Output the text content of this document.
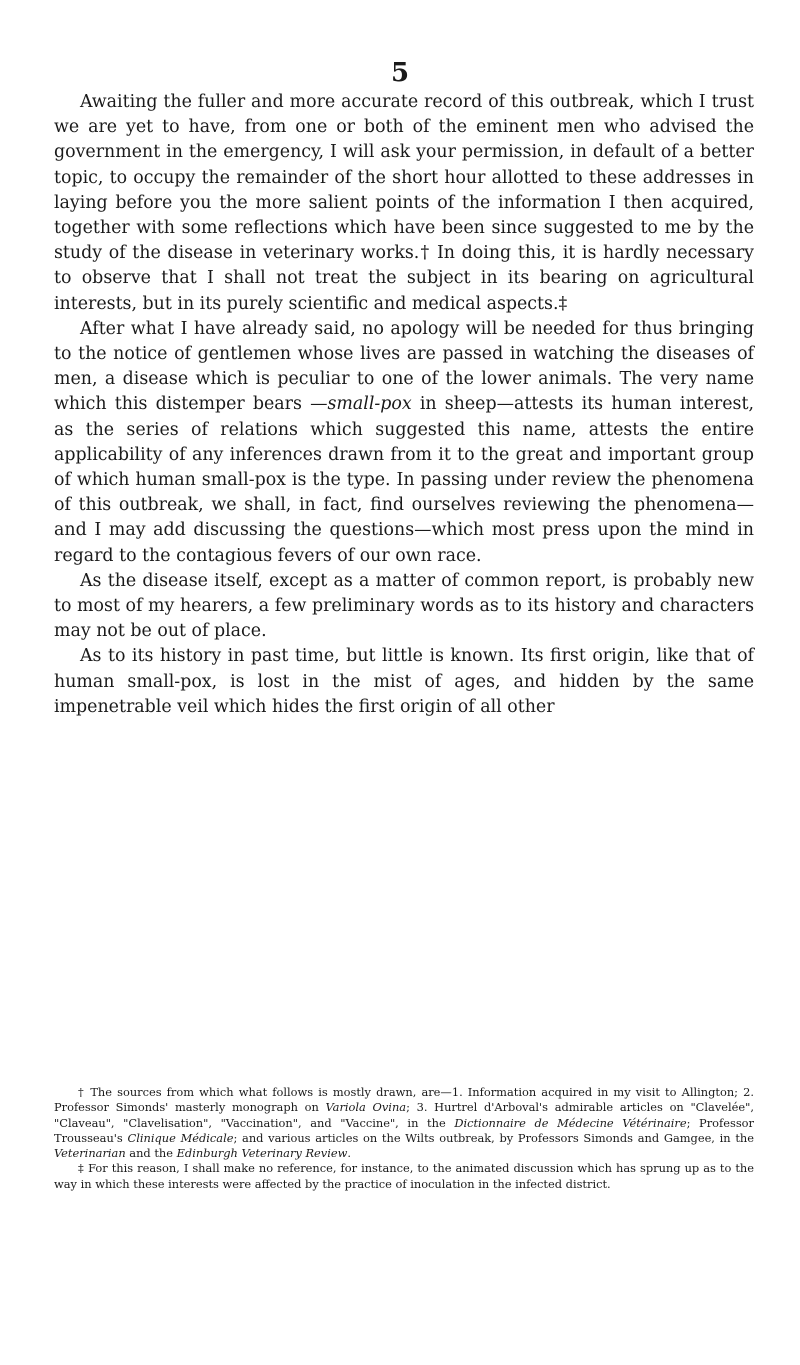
5

Awaiting the fuller and more accurate record of this outbreak, which I trust we are yet to have, from one or both of the eminent men who advised the government in the emergency, I will ask your permission, in default of a better topic, to occupy the remainder of the short hour allotted to these addresses in laying before you the more salient points of the information I then acquired, together with some reflections which have been since suggested to me by the study of the disease in veterinary works.† In doing this, it is hardly necessary to observe that I shall not treat the subject in its bearing on agricultural interests, but in its purely scientific and medical aspects.‡

After what I have already said, no apology will be needed for thus bringing to the notice of gentlemen whose lives are passed in watching the diseases of men, a disease which is peculiar to one of the lower animals. The very name which this distemper bears —small-pox in sheep—attests its human interest, as the series of relations which suggested this name, attests the entire applicability of any inferences drawn from it to the great and important group of which human small-pox is the type. In passing under review the phenomena of this outbreak, we shall, in fact, find ourselves reviewing the phenomena—and I may add discussing the questions—which most press upon the mind in regard to the contagious fevers of our own race.

As the disease itself, except as a matter of common report, is probably new to most of my hearers, a few preliminary words as to its history and characters may not be out of place.

As to its history in past time, but little is known. Its first origin, like that of human small-pox, is lost in the mist of ages, and hidden by the same impenetrable veil which hides the first origin of all other

† The sources from which what follows is mostly drawn, are—1. Information acquired in my visit to Allington; 2. Professor Simonds' masterly monograph on Variola Ovina; 3. Hurtrel d'Arboval's admirable articles on "Clavelée", "Claveau", "Clavelisation", "Vaccination", and "Vaccine", in the Dictionnaire de Médecine Vétérinaire; Professor Trousseau's Clinique Médicale; and various articles on the Wilts outbreak, by Professors Simonds and Gamgee, in the Veterinarian and the Edinburgh Veterinary Review.

‡ For this reason, I shall make no reference, for instance, to the animated discussion which has sprung up as to the way in which these interests were affected by the practice of inoculation in the infected district.
